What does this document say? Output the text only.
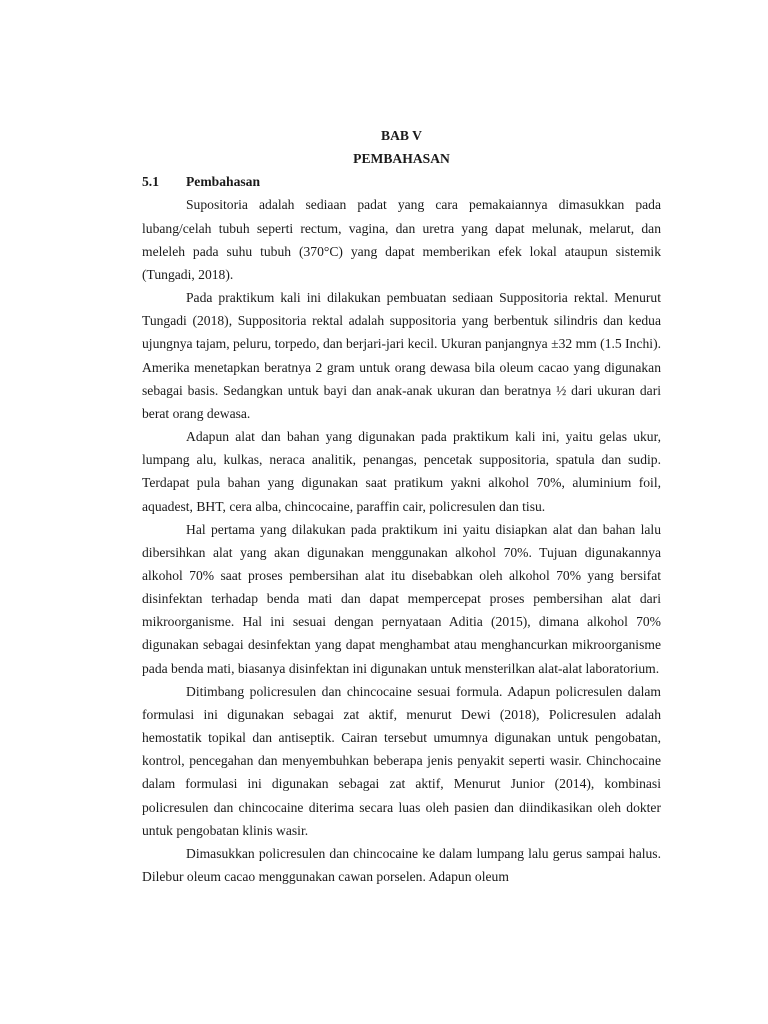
BAB V

PEMBAHASAN

5.1	Pembahasan

Supositoria adalah sediaan padat yang cara pemakaiannya dimasukkan pada lubang/celah tubuh seperti rectum, vagina, dan uretra yang dapat melunak, melarut, dan meleleh pada suhu tubuh (370°C) yang dapat memberikan efek lokal ataupun sistemik (Tungadi, 2018).

Pada praktikum kali ini dilakukan pembuatan sediaan Suppositoria rektal. Menurut Tungadi (2018), Suppositoria rektal adalah suppositoria yang berbentuk silindris dan kedua ujungnya tajam, peluru, torpedo, dan berjari-jari kecil. Ukuran panjangnya ±32 mm (1.5 Inchi). Amerika menetapkan beratnya 2 gram untuk orang dewasa bila oleum cacao yang digunakan sebagai basis. Sedangkan untuk bayi dan anak-anak ukuran dan beratnya ½ dari ukuran dari berat orang dewasa.

Adapun alat dan bahan yang digunakan pada praktikum kali ini, yaitu gelas ukur, lumpang alu, kulkas, neraca analitik, penangas, pencetak suppositoria, spatula dan sudip. Terdapat pula bahan yang digunakan saat pratikum yakni alkohol 70%, aluminium foil, aquadest, BHT, cera alba, chincocaine, paraffin cair, policresulen dan tisu.

Hal pertama yang dilakukan pada praktikum ini yaitu disiapkan alat dan bahan lalu dibersihkan alat yang akan digunakan menggunakan alkohol 70%. Tujuan digunakannya alkohol 70% saat proses pembersihan alat itu disebabkan oleh alkohol 70% yang bersifat disinfektan terhadap benda mati dan dapat mempercepat proses pembersihan alat dari mikroorganisme. Hal ini sesuai dengan pernyataan Aditia (2015), dimana alkohol 70% digunakan sebagai desinfektan yang dapat menghambat atau menghancurkan mikroorganisme pada benda mati, biasanya disinfektan ini digunakan untuk mensterilkan alat-alat laboratorium.

Ditimbang policresulen dan chincocaine sesuai formula. Adapun policresulen dalam formulasi ini digunakan sebagai zat aktif, menurut Dewi (2018), Policresulen adalah hemostatik topikal dan antiseptik. Cairan tersebut umumnya digunakan untuk pengobatan, kontrol, pencegahan dan menyembuhkan beberapa jenis penyakit seperti wasir. Chinchocaine dalam formulasi ini digunakan sebagai zat aktif, Menurut Junior (2014), kombinasi policresulen dan chincocaine diterima secara luas oleh pasien dan diindikasikan oleh dokter untuk pengobatan klinis wasir.

Dimasukkan policresulen dan chincocaine ke dalam lumpang lalu gerus sampai halus. Dilebur oleum cacao menggunakan cawan porselen. Adapun oleum
